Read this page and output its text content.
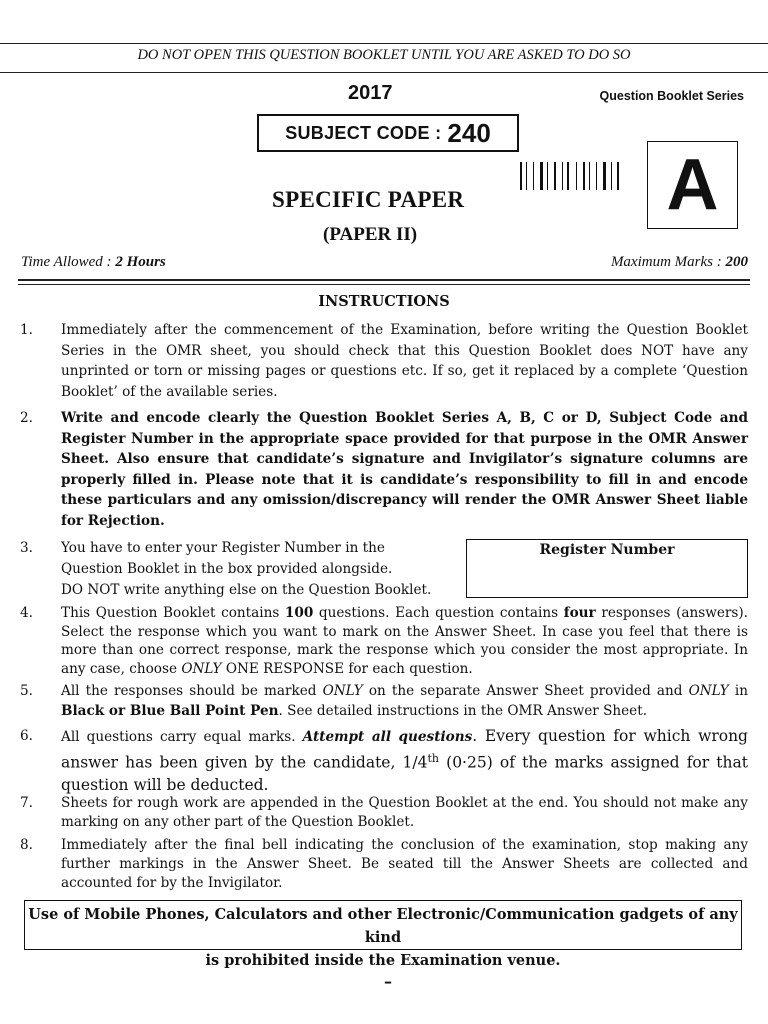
DO NOT OPEN THIS QUESTION BOOKLET UNTIL YOU ARE ASKED TO DO SO
2017	Question Booklet Series
SUBJECT CODE : 240
A
SPECIFIC PAPER
(PAPER II)
Time Allowed : 2 Hours	Maximum Marks : 200
INSTRUCTIONS
1. Immediately after the commencement of the Examination, before writing the Question Booklet Series in the OMR sheet, you should check that this Question Booklet does NOT have any unprinted or torn or missing pages or questions etc. If so, get it replaced by a complete ‘Question Booklet’ of the available series.
2. Write and encode clearly the Question Booklet Series A, B, C or D, Subject Code and Register Number in the appropriate space provided for that purpose in the OMR Answer Sheet. Also ensure that candidate’s signature and Invigilator’s signature columns are properly filled in. Please note that it is candidate’s responsibility to fill in and encode these particulars and any omission/discrepancy will render the OMR Answer Sheet liable for Rejection.
3. You have to enter your Register Number in the
Question Booklet in the box provided alongside.
DO NOT write anything else on the Question Booklet.
Register Number
4. This Question Booklet contains 100 questions. Each question contains four responses (answers). Select the response which you want to mark on the Answer Sheet. In case you feel that there is more than one correct response, mark the response which you consider the most appropriate. In any case, choose ONLY ONE RESPONSE for each question.
5. All the responses should be marked ONLY on the separate Answer Sheet provided and ONLY in Black or Blue Ball Point Pen. See detailed instructions in the OMR Answer Sheet.
6. All questions carry equal marks. Attempt all questions. Every question for which wrong answer has been given by the candidate, 1/4th (0·25) of the marks assigned for that question will be deducted.
7. Sheets for rough work are appended in the Question Booklet at the end. You should not make any marking on any other part of the Question Booklet.
8. Immediately after the final bell indicating the conclusion of the examination, stop making any further markings in the Answer Sheet. Be seated till the Answer Sheets are collected and accounted for by the Invigilator.
Use of Mobile Phones, Calculators and other Electronic/Communication gadgets of any kind
is prohibited inside the Examination venue.
–
